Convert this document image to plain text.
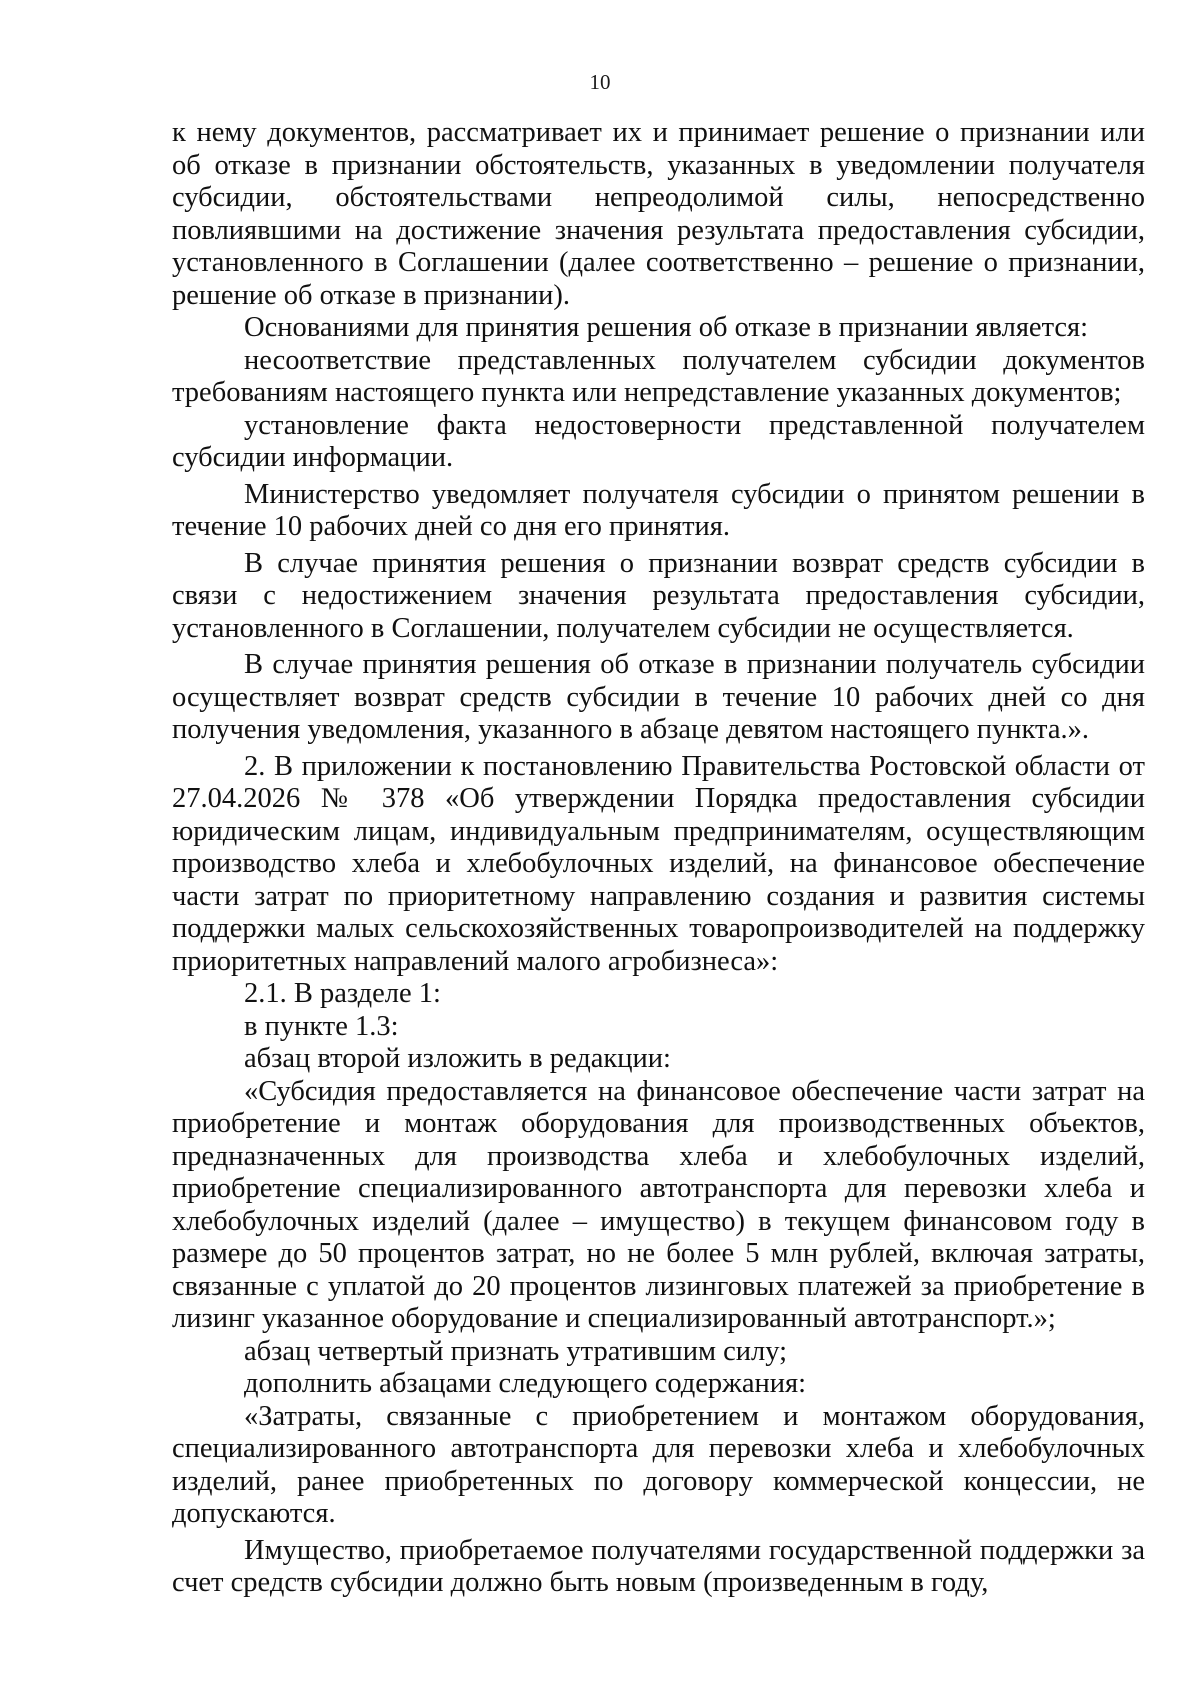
10

к нему документов, рассматривает их и принимает решение о признании или об отказе в признании обстоятельств, указанных в уведомлении получателя субсидии, обстоятельствами непреодолимой силы, непосредственно повлиявшими на достижение значения результата предоставления субсидии, установленного в Соглашении (далее соответственно – решение о признании, решение об отказе в признании).

Основаниями для принятия решения об отказе в признании является:

несоответствие представленных получателем субсидии документов требованиям настоящего пункта или непредставление указанных документов;

установление факта недостоверности представленной получателем субсидии информации.

Министерство уведомляет получателя субсидии о принятом решении в течение 10 рабочих дней со дня его принятия.

В случае принятия решения о признании возврат средств субсидии в связи с недостижением значения результата предоставления субсидии, установленного в Соглашении, получателем субсидии не осуществляется.

В случае принятия решения об отказе в признании получатель субсидии осуществляет возврат средств субсидии в течение 10 рабочих дней со дня получения уведомления, указанного в абзаце девятом настоящего пункта.».

2. В приложении к постановлению Правительства Ростовской области от 27.04.2026 № 378 «Об утверждении Порядка предоставления субсидии юридическим лицам, индивидуальным предпринимателям, осуществляющим производство хлеба и хлебобулочных изделий, на финансовое обеспечение части затрат по приоритетному направлению создания и развития системы поддержки малых сельскохозяйственных товаропроизводителей на поддержку приоритетных направлений малого агробизнеса»:

2.1. В разделе 1:

в пункте 1.3:

абзац второй изложить в редакции:

«Субсидия предоставляется на финансовое обеспечение части затрат на приобретение и монтаж оборудования для производственных объектов, предназначенных для производства хлеба и хлебобулочных изделий, приобретение специализированного автотранспорта для перевозки хлеба и хлебобулочных изделий (далее – имущество) в текущем финансовом году в размере до 50 процентов затрат, но не более 5 млн рублей, включая затраты, связанные с уплатой до 20 процентов лизинговых платежей за приобретение в лизинг указанное оборудование и специализированный автотранспорт.»;

абзац четвертый признать утратившим силу;

дополнить абзацами следующего содержания:

«Затраты, связанные с приобретением и монтажом оборудования, специализированного автотранспорта для перевозки хлеба и хлебобулочных изделий, ранее приобретенных по договору коммерческой концессии, не допускаются.

Имущество, приобретаемое получателями государственной поддержки за счет средств субсидии должно быть новым (произведенным в году,
